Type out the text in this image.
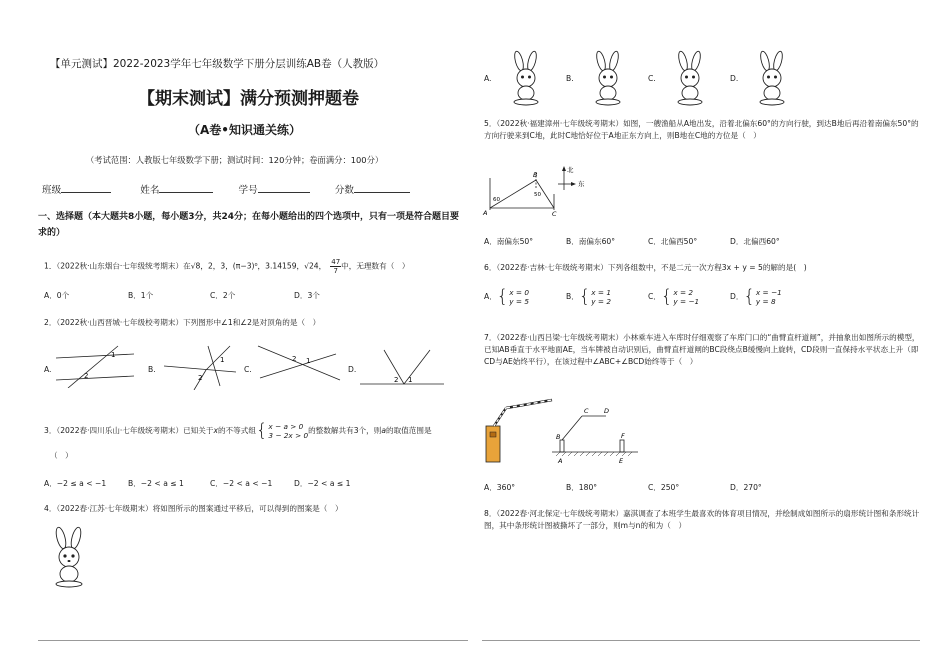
【单元测试】2022-2023学年七年级数学下册分层训练AB卷（人教版）
【期末测试】满分预测押题卷
（A卷•知识通关练）
（考试范围：人教版七年级数学下册；测试时间：120分钟；卷面满分：100分）
班级	姓名	学号	分数
一、选择题（本大题共8小题，每小题3分，共24分；在每小题给出的四个选项中，只有一项是符合题目要求的）
1．（2022秋·山东烟台·七年级统考期末）在√8，2，3，(π−3)⁰，3.14159，√24， $\frac{47}{7}$ 中，无理数有（　）
A．0个	B．1个	C．2个	D．3个
2．（2022秋·山西晋城·七年级校考期末）下列图形中∠1和∠2是对顶角的是（　）
A.
1
2
B.
1
2
C.
2 1
D.
2 1
3．（2022春·四川乐山·七年级统考期末）已知关于x的不等式组 { x − a > 0
3 − 2x > 0
的整数解共有3个，则a的取值范围是
（　）
A．−2 ≤ a < −1	B．−2 < a ≤ 1	C．−2 < a < −1	D．−2 < a ≤ 1
4．（2022春·江苏·七年级期末）将如图所示的图案通过平移后，可以得到的图案是（　）
A.	B.	C.	D.
5．（2022秋·福建漳州·七年级统考期末）如图，一艘渔船从A地出发，沿着北偏东60°的方向行驶，到达B地后再沿着南偏东50°的方向行驶来到C地，此时C地恰好位于A地正东方向上，则B地在C地的方位是（　）
北
东
A
B
C
60
50
A．南偏东50°	B．南偏东60°	C．北偏西50°	D．北偏西60°
6．（2022春·吉林·七年级统考期末）下列各组数中，不是二元一次方程3x + y = 5的解的是(　)
A． { x = 0
y = 5
B． { x = 1
y = 2
C． { x = 2
y = −1
D． { x = −1
y = 8
7．（2022春·山西吕梁·七年级统考期末）小林乘车进入车库时仔细观察了车库门口的“曲臂直杆道闸”，并抽象出如图所示的模型，已知AB垂直于水平地面AE，当车牌被自动识别后，曲臂直杆道闸的BC段绕点B缓慢向上旋转，CD段则一直保持水平状态上升（即CD与AE始终平行），在该过程中∠ABC+∠BCD始终等于（　）
C D
B	F
A	E
A．360°	B．180°	C．250°	D．270°
8．（2022春·河北保定·七年级统考期末）嘉淇调查了本班学生最喜欢的体育项目情况，并绘制成如图所示的扇形统计图和条形统计图，其中条形统计图被撕坏了一部分，则m与n的和为（　）
